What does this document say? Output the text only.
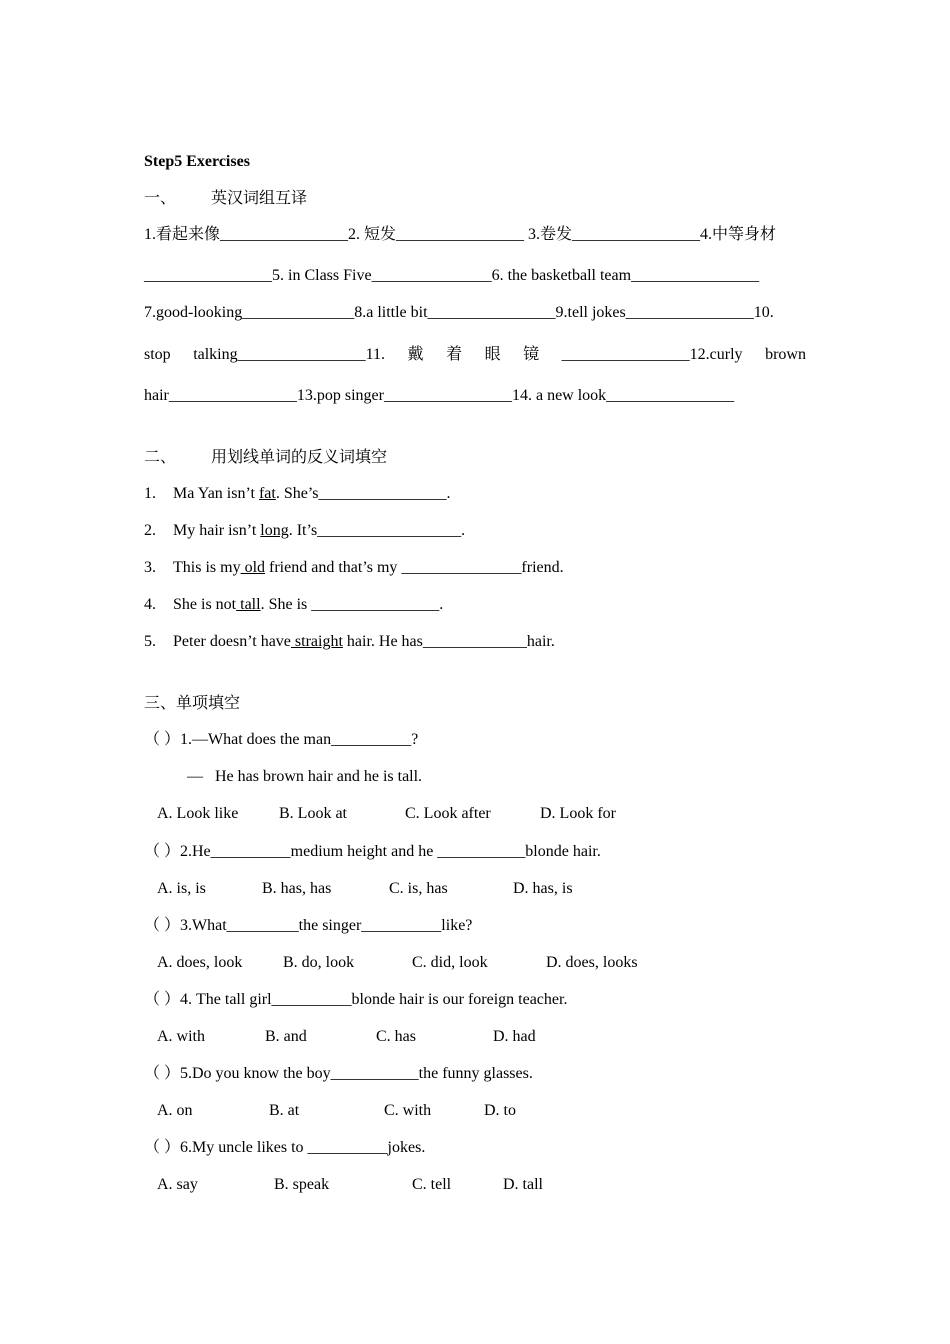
Step5 Exercises
一、 英汉词组互译
1.看起来像________________2. 短发________________ 3.卷发________________4.中等身材
________________5. in Class Five_______________6. the basketball team________________
7.good-looking______________8.a little bit________________9.tell jokes________________10.
stop talking________________11. 戴 着 眼 镜 ________________12.curly brown
hair________________13.pop singer________________14. a new look________________
二、 用划线单词的反义词填空
1. Ma Yan isn’t fat. She’s________________.
2. My hair isn’t long. It’s__________________.
3. This is my old friend and that’s my _______________friend.
4. She is not tall. She is ________________.
5. Peter doesn’t have straight hair. He has_____________hair.
三、单项填空
（ ）1.—What does the man__________?
—   He has brown hair and he is tall.
A. Look like	B. Look at	C. Look after	D. Look for
（ ）2.He__________medium height and he ___________blonde hair.
A. is, is	B. has, has	C. is, has	D. has, is
（ ）3.What_________the singer__________like?
A. does, look	B. do, look	C. did, look	D. does, looks
（ ）4. The tall girl__________blonde hair is our foreign teacher.
A. with	B. and	C. has	D. had
（ ）5.Do you know the boy___________the funny glasses.
A. on	B. at	C. with	D. to
（ ）6.My uncle likes to __________jokes.
A. say	B. speak	C. tell	D. tall
